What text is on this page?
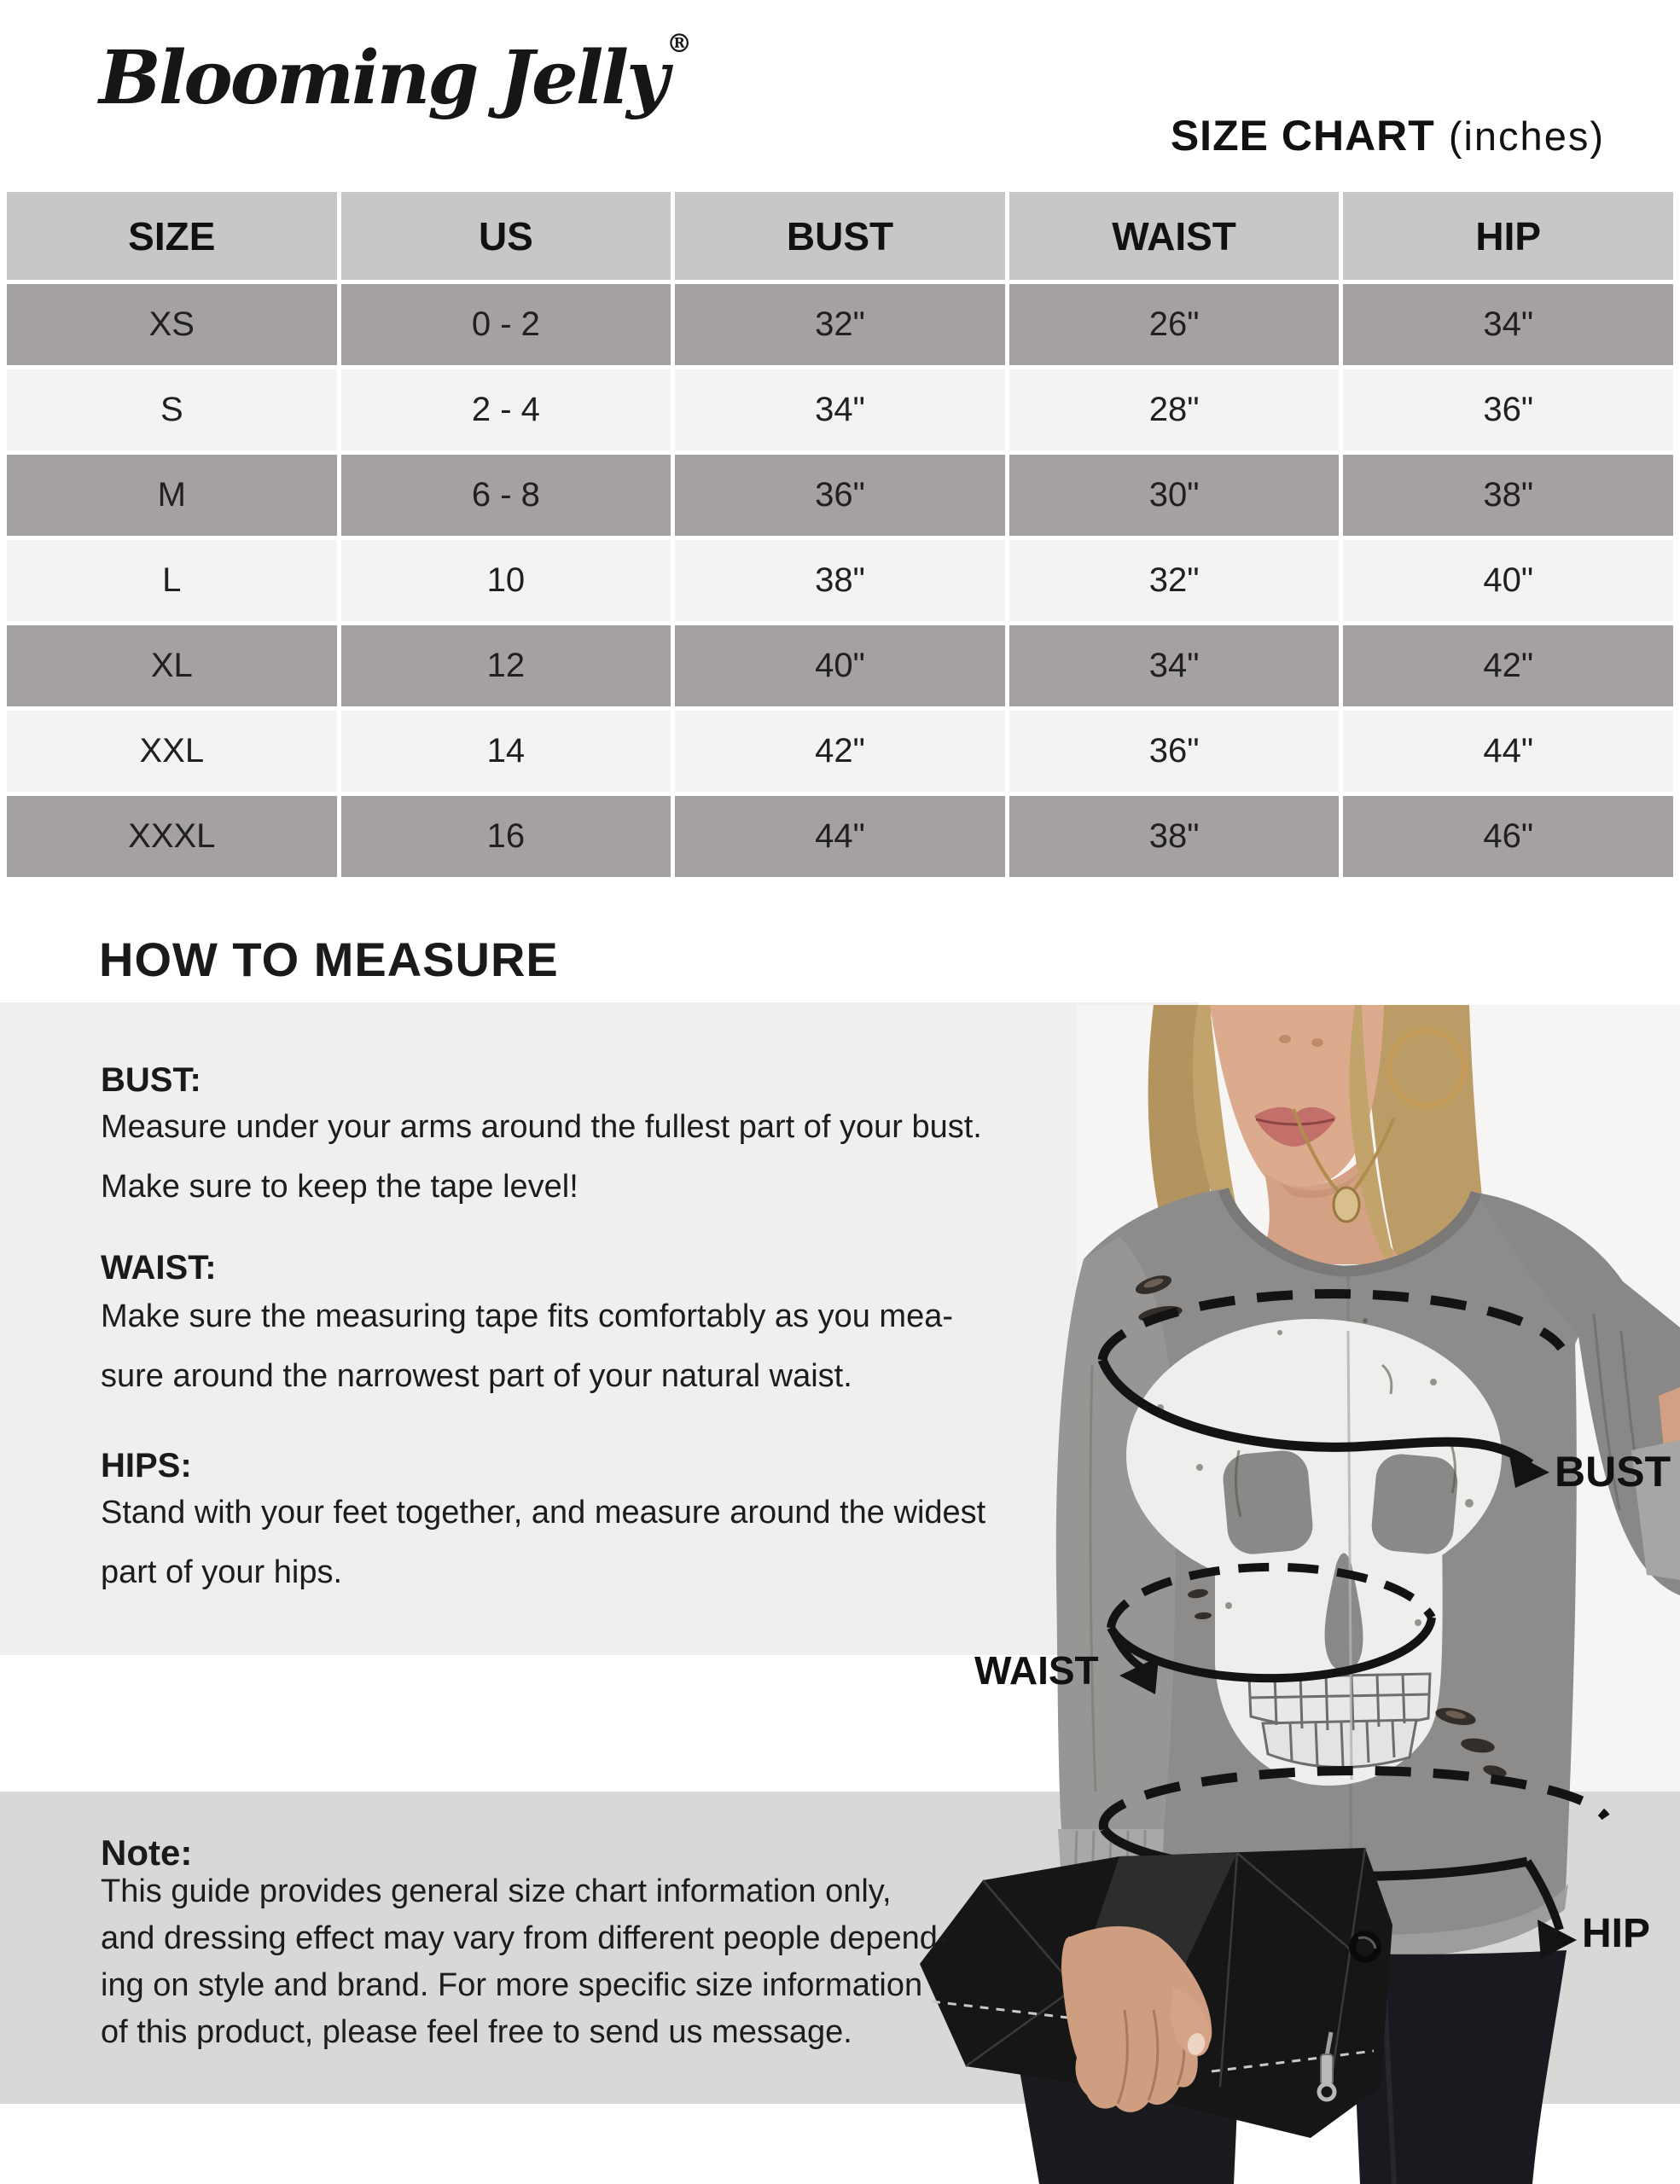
Blooming Jelly®
SIZE CHART (inches)
SIZE	US	BUST	WAIST	HIP
XS	0 - 2	32"	26"	34"
S	2 - 4	34"	28"	36"
M	6 - 8	36"	30"	38"
L	10	38"	32"	40"
XL	12	40"	34"	42"
XXL	14	42"	36"	44"
XXXL	16	44"	38"	46"
HOW TO MEASURE
BUST:
Measure under your arms around the fullest part of your bust.
Make sure to keep the tape level!
WAIST:
Make sure the measuring tape fits comfortably as you mea-
sure around the narrowest part of your natural waist.
HIPS:
Stand with your feet together, and measure around the widest
part of your hips.
Note:
This guide provides general size chart information only,
and dressing effect may vary from different people depend-
ing on style and brand. For more specific size information
of this product, please feel free to send us message.
BUST
WAIST
HIP
